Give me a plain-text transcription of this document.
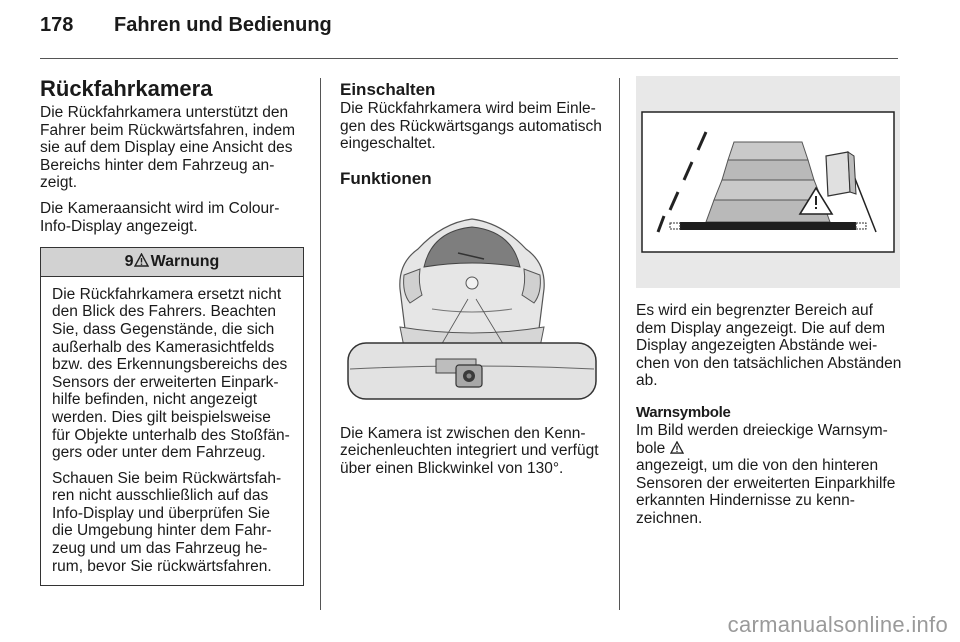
178 Fahren und Bedienung
Rückfahrkamera

Die Rückfahrkamera unterstützt den Fahrer beim Rückwärtsfahren, indem sie auf dem Display eine Ansicht des Bereichs hinter dem Fahrzeug anzeigt.

Die Kameraansicht wird im Colour-Info-Display angezeigt.

9 Warnung

Die Rückfahrkamera ersetzt nicht den Blick des Fahrers. Beachten Sie, dass Gegenstände, die sich außerhalb des Kamerasichtfelds bzw. des Erkennungsbereichs des Sensors der erweiterten Einparkhilfe befinden, nicht angezeigt werden. Dies gilt beispielsweise für Objekte unterhalb des Stoßfängers oder unter dem Fahrzeug.

Schauen Sie beim Rückwärtsfahren nicht ausschließlich auf das Info-Display und überprüfen Sie die Umgebung hinter dem Fahrzeug und um das Fahrzeug herum, bevor Sie rückwärtsfahren.

Einschalten

Die Rückfahrkamera wird beim Einlegen des Rückwärtsgangs automatisch eingeschaltet.

Funktionen

Die Kamera ist zwischen den Kennzeichenleuchten integriert und verfügt über einen Blickwinkel von 130°.

Es wird ein begrenzter Bereich auf dem Display angezeigt. Die auf dem Display angezeigten Abstände weichen von den tatsächlichen Abständen ab.

Warnsymbole

Im Bild werden dreieckige Warnsymbole

angezeigt, um die von den hinteren Sensoren der erweiterten Einparkhilfe erkannten Hindernisse zu kennzeichnen.

carmanualsonline.info
